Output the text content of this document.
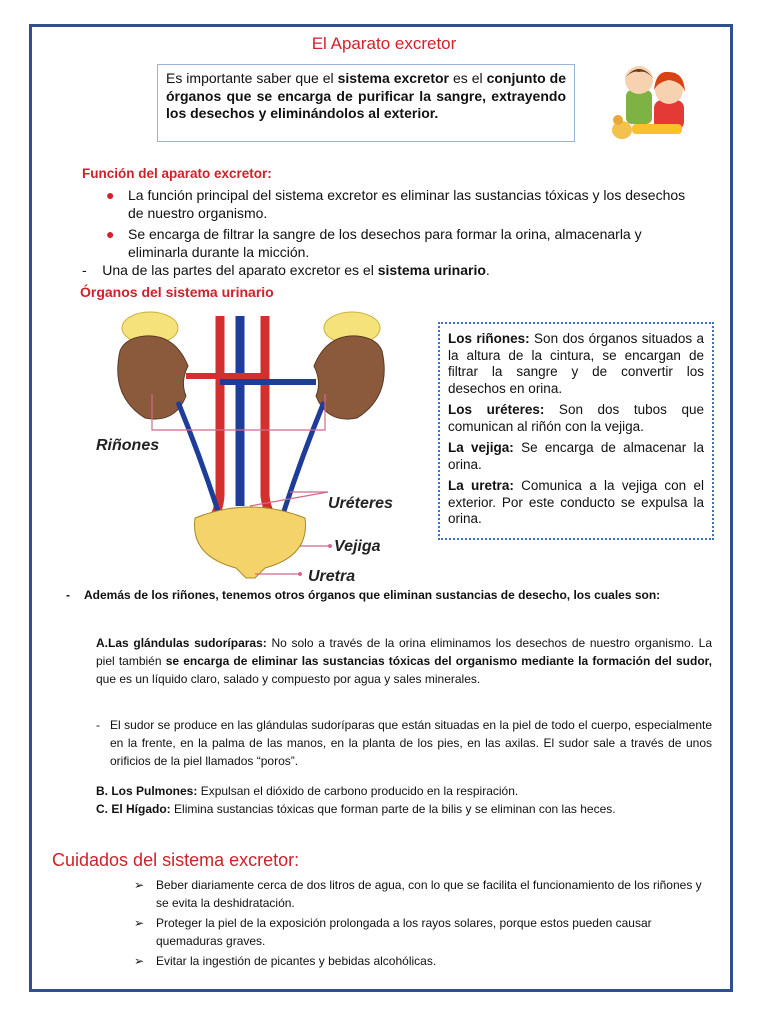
El Aparato excretor
Es importante saber que el sistema excretor es el conjunto de órganos que se encarga de purificar la sangre, extrayendo los desechos y eliminándolos al exterior.
Función del aparato excretor:
● La función principal del sistema excretor es eliminar las sustancias tóxicas y los desechos de nuestro organismo.
● Se encarga de filtrar la sangre de los desechos para formar la orina, almacenarla y eliminarla durante la micción.
- Una de las partes del aparato excretor es el sistema urinario.
Órganos del sistema urinario
Riñones
Uréteres
Vejiga
Uretra

Los riñones: Son dos órganos situados a la altura de la cintura, se encargan de filtrar la sangre y de convertir los desechos en orina.

Los uréteres: Son dos tubos que comunican al riñón con la vejiga.

La vejiga: Se encarga de almacenar la orina.

La uretra: Comunica a la vejiga con el exterior. Por este conducto se expulsa la orina.

- Además de los riñones, tenemos otros órganos que eliminan sustancias de desecho, los cuales son:
A.Las glándulas sudoríparas: No solo a través de la orina eliminamos los desechos de nuestro organismo. La piel también se encarga de eliminar las sustancias tóxicas del organismo mediante la formación del sudor, que es un líquido claro, salado y compuesto por agua y sales minerales.
- El sudor se produce en las glándulas sudoríparas que están situadas en la piel de todo el cuerpo, especialmente en la frente, en la palma de las manos, en la planta de los pies, en las axilas. El sudor sale a través de unos orificios de la piel llamados “poros”.
B. Los Pulmones: Expulsan el dióxido de carbono producido en la respiración.
C. El Hígado: Elimina sustancias tóxicas que forman parte de la bilis y se eliminan con las heces.
Cuidados del sistema excretor:
➢ Beber diariamente cerca de dos litros de agua, con lo que se facilita el funcionamiento de los riñones y se evita la deshidratación.
➢ Proteger la piel de la exposición prolongada a los rayos solares, porque estos pueden causar quemaduras graves.
➢ Evitar la ingestión de picantes y bebidas alcohólicas.
